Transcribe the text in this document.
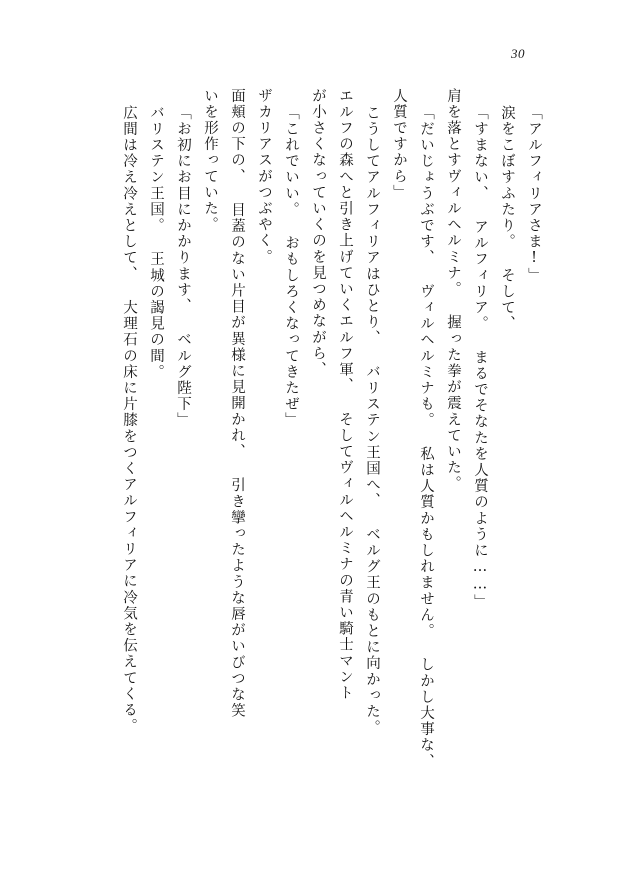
30
「アルフィリアさま!」
涙をこぼすふたり。 そして、
「すまない、 アルフィリア。 まるでそなたを人質のように……」
肩を落とすヴィルヘルミナ。 握った拳が震えていた。
「だいじょうぶです、 ヴィルヘルミナも。 私は人質かもしれません。 しかし大事な、
人質ですから」
こうしてアルフィリアはひとり、 バリステン王国へ、 ベルグ王のもとに向かった。
エルフの森へと引き上げていくエルフ軍、 そしてヴィルヘルミナの青い騎士マント
が小さくなっていくのを見つめながら、
「これでいい。 おもしろくなってきたぜ」
ザカリアスがつぶやく。
面頬の下の、 目蓋のない片目が異様に見開かれ、 引き攣ったような唇がいびつな笑
いを形作っていた。
「お初にお目にかかります、 ベルグ陛下」
バリステン王国。 王城の謁見の間。
広間は冷え冷えとして、 大理石の床に片膝をつくアルフィリアに冷気を伝えてくる。
